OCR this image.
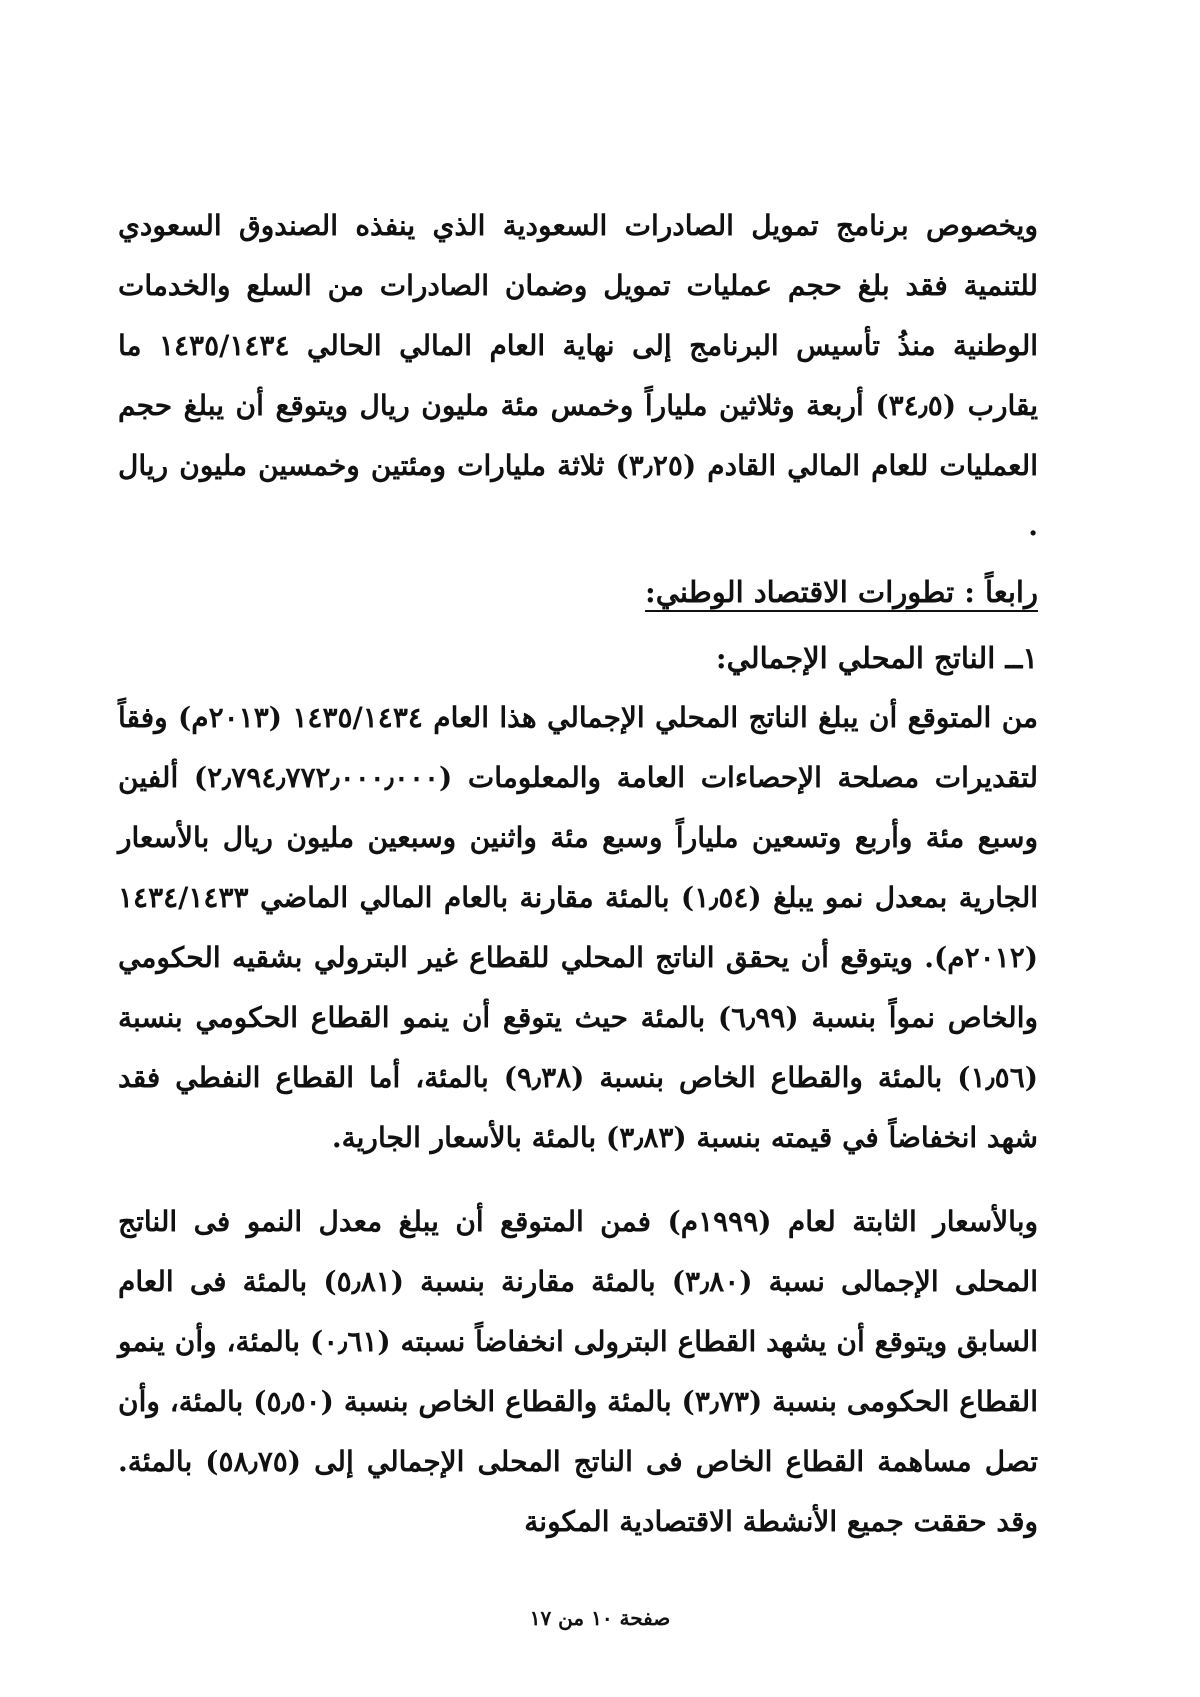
ويخصوص برنامج تمويل الصادرات السعودية الذي ينفذه الصندوق السعودي للتنمية فقد بلغ حجم عمليات تمويل وضمان الصادرات من السلع والخدمات الوطنية منذُ تأسيس البرنامج إلى نهاية العام المالي الحالي ١٤٣٥/١٤٣٤ ما يقارب (٣٤٫٥) أربعة وثلاثين ملياراً وخمس مئة مليون ريال ويتوقع أن يبلغ حجم العمليات للعام المالي القادم (٣٫٢٥) ثلاثة مليارات ومئتين وخمسين مليون ريال .

رابعاً : تطورات الاقتصاد الوطني:
١ــ الناتج المحلي الإجمالي:

من المتوقع أن يبلغ الناتج المحلي الإجمالي هذا العام ١٤٣٥/١٤٣٤ (٢٠١٣م) وفقاً لتقديرات مصلحة الإحصاءات العامة والمعلومات (٢٫٧٩٤٫٧٧٢٫٠٠٠٫٠٠٠) ألفين وسبع مئة وأربع وتسعين ملياراً وسبع مئة واثنين وسبعين مليون ريال بالأسعار الجارية بمعدل نمو يبلغ (١٫٥٤) بالمئة مقارنة بالعام المالي الماضي ١٤٣٤/١٤٣٣ (٢٠١٢م). ويتوقع أن يحقق الناتج المحلي للقطاع غير البترولي بشقيه الحكومي والخاص نمواً بنسبة (٦٫٩٩) بالمئة حيث يتوقع أن ينمو القطاع الحكومي بنسبة (١٫٥٦) بالمئة والقطاع الخاص بنسبة (٩٫٣٨) بالمئة، أما القطاع النفطي فقد شهد انخفاضاً في قيمته بنسبة (٣٫٨٣) بالمئة بالأسعار الجارية.

وبالأسعار الثابتة لعام (١٩٩٩م) فمن المتوقع أن يبلغ معدل النمو فى الناتج المحلى الإجمالى نسبة (٣٫٨٠) بالمئة مقارنة بنسبة (٥٫٨١) بالمئة فى العام السابق ويتوقع أن يشهد القطاع البترولى انخفاضاً نسبته (٠٫٦١) بالمئة، وأن ينمو القطاع الحكومى بنسبة (٣٫٧٣) بالمئة والقطاع الخاص بنسبة (٥٫٥٠) بالمئة، وأن تصل مساهمة القطاع الخاص فى الناتج المحلى الإجمالي إلى (٥٨٫٧٥) بالمئة. وقد حققت جميع الأنشطة الاقتصادية المكونة

صفحة ١٠ من ١٧
